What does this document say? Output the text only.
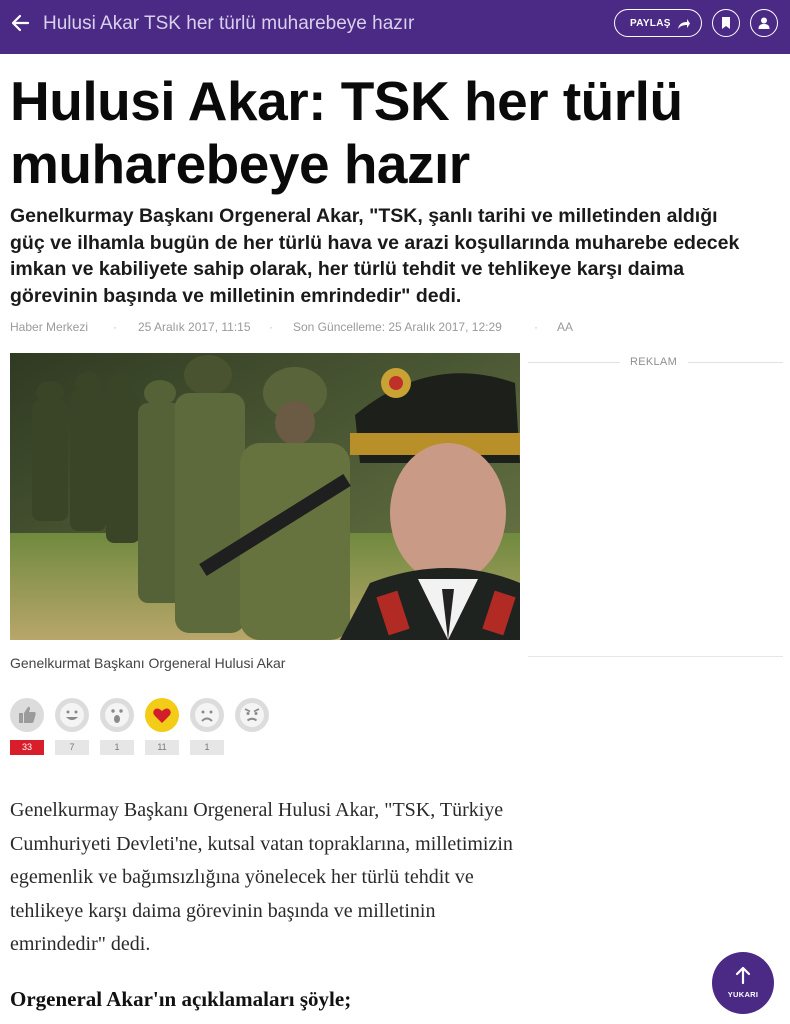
Hulusi Akar TSK her türlü muharebeye hazır	PAYLAŞ
Hulusi Akar: TSK her türlü muharebeye hazır

Genelkurmay Başkanı Orgeneral Akar, "TSK, şanlı tarihi ve milletinden aldığı güç ve ilhamla bugün de her türlü hava ve arazi koşullarında muharebe edecek imkan ve kabiliyete sahip olarak, her türlü tehdit ve tehlikeye karşı daima görevinin başında ve milletinin emrindedir" dedi.

Haber Merkezi · 25 Aralık 2017, 11:15 · Son Güncelleme: 25 Aralık 2017, 12:29	· AA
Genelkurmat Başkanı Orgeneral Hulusi Akar
REKLAM
33	7	1	11	1

Genelkurmay Başkanı Orgeneral Hulusi Akar, "TSK, Türkiye Cumhuriyeti Devleti'ne, kutsal vatan topraklarına, milletimizin egemenlik ve bağımsızlığına yönelecek her türlü tehdit ve tehlikeye karşı daima görevinin başında ve milletinin emrindedir" dedi.

Orgeneral Akar'ın açıklamaları şöyle;	YUKARI
